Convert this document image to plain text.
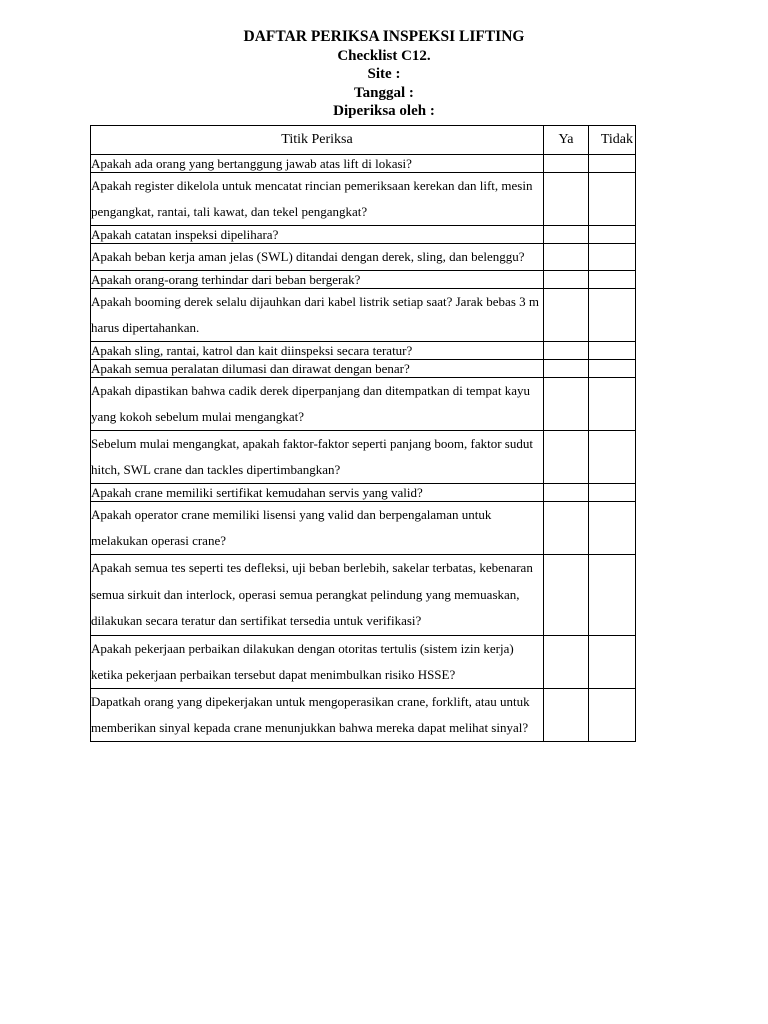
DAFTAR PERIKSA INSPEKSI LIFTING
Checklist C12.
Site :
Tanggal :
Diperiksa oleh :
Titik Periksa	Ya	Tidak
Apakah ada orang yang bertanggung jawab atas lift di lokasi?		
Apakah register dikelola untuk mencatat rincian pemeriksaan kerekan dan lift, mesin pengangkat, rantai, tali kawat, dan tekel pengangkat?		
Apakah catatan inspeksi dipelihara?		
Apakah beban kerja aman jelas (SWL) ditandai dengan derek, sling, dan belenggu?		
Apakah orang-orang terhindar dari beban bergerak?		
Apakah booming derek selalu dijauhkan dari kabel listrik setiap saat? Jarak bebas 3 m harus dipertahankan.		
Apakah sling, rantai, katrol dan kait diinspeksi secara teratur?		
Apakah semua peralatan dilumasi dan dirawat dengan benar?		
Apakah dipastikan bahwa cadik derek diperpanjang dan ditempatkan di tempat kayu yang kokoh sebelum mulai mengangkat?		
Sebelum mulai mengangkat, apakah faktor-faktor seperti panjang boom, faktor sudut hitch, SWL crane dan tackles dipertimbangkan?		
Apakah crane memiliki sertifikat kemudahan servis yang valid?		
Apakah operator crane memiliki lisensi yang valid dan berpengalaman untuk melakukan operasi crane?		
Apakah semua tes seperti tes defleksi, uji beban berlebih, sakelar terbatas, kebenaran semua sirkuit dan interlock, operasi semua perangkat pelindung yang memuaskan, dilakukan secara teratur dan sertifikat tersedia untuk verifikasi?		
Apakah pekerjaan perbaikan dilakukan dengan otoritas tertulis (sistem izin kerja) ketika pekerjaan perbaikan tersebut dapat menimbulkan risiko HSSE?		
Dapatkah orang yang dipekerjakan untuk mengoperasikan crane, forklift, atau untuk memberikan sinyal kepada crane menunjukkan bahwa mereka dapat melihat sinyal?		
